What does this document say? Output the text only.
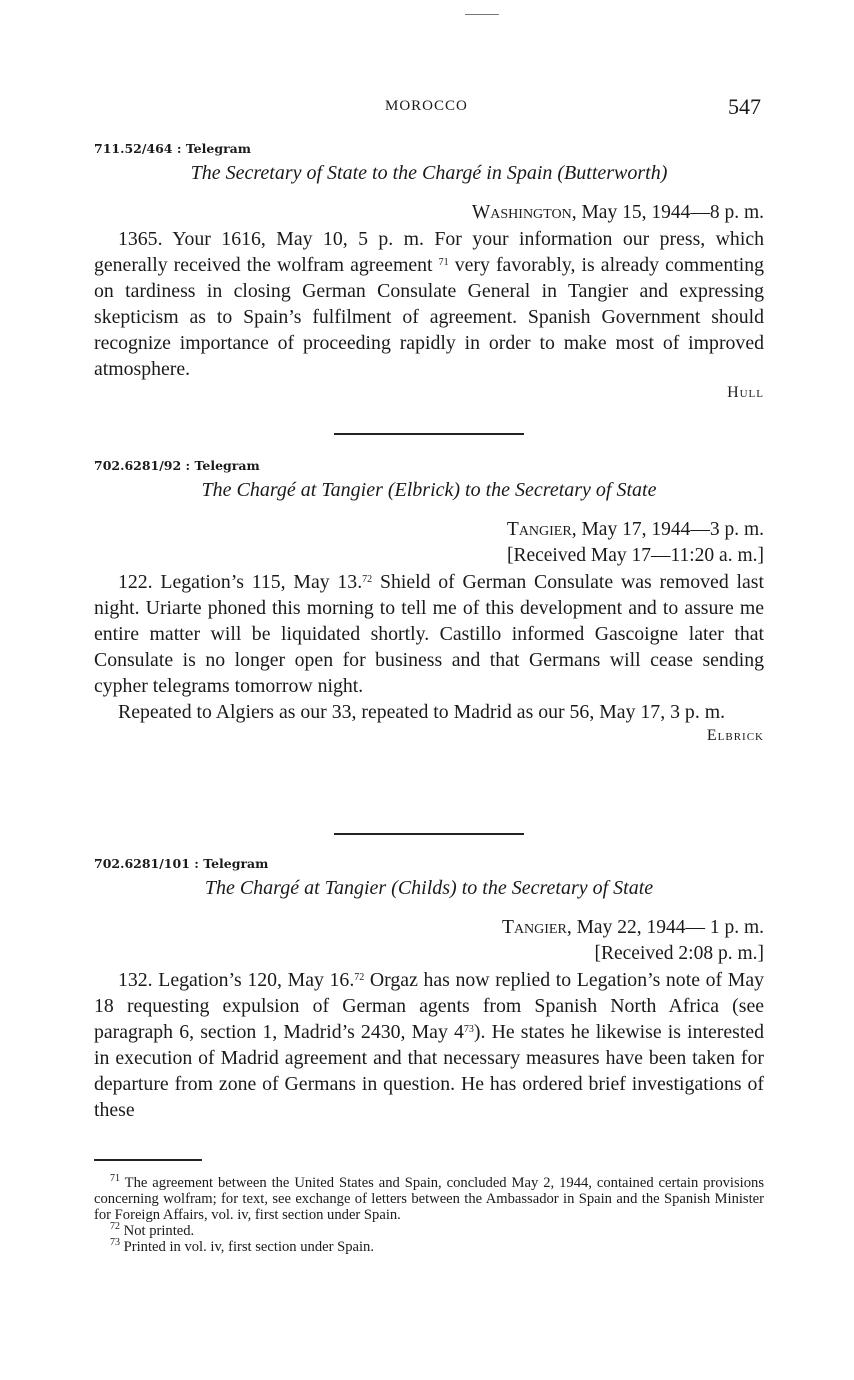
MOROCCO	547
711.52/464 : Telegram
The Secretary of State to the Chargé in Spain (Butterworth)
Washington, May 15, 1944—8 p. m.

1365. Your 1616, May 10, 5 p. m. For your information our press, which generally received the wolfram agreement $^{71}$ very favorably, is already commenting on tardiness in closing German Consulate General in Tangier and expressing skepticism as to Spain’s fulfilment of agreement. Spanish Government should recognize importance of proceeding rapidly in order to make most of improved atmosphere.

Hull
702.6281/92 : Telegram
The Chargé at Tangier (Elbrick) to the Secretary of State
Tangier, May 17, 1944—3 p. m.
[Received May 17—11:20 a. m.]

122. Legation’s 115, May 13.72 Shield of German Consulate was removed last night. Uriarte phoned this morning to tell me of this development and to assure me entire matter will be liquidated shortly. Castillo informed Gascoigne later that Consulate is no longer open for business and that Germans will cease sending cypher telegrams tomorrow night.

Repeated to Algiers as our 33, repeated to Madrid as our 56, May 17, 3 p. m.

Elbrick
702.6281/101 : Telegram
The Chargé at Tangier (Childs) to the Secretary of State
Tangier, May 22, 1944— 1 p. m.
[Received 2:08 p. m.]

132. Legation’s 120, May 16.72 Orgaz has now replied to Legation’s note of May 18 requesting expulsion of German agents from Spanish North Africa (see paragraph 6, section 1, Madrid’s 2430, May $4^{73}$). He states he likewise is interested in execution of Madrid agreement and that necessary measures have been taken for departure from zone of Germans in question. He has ordered brief investigations of these

$^{71}$ The agreement between the United States and Spain, concluded May 2, 1944, contained certain provisions concerning wolfram; for text, see exchange of letters between the Ambassador in Spain and the Spanish Minister for Foreign Affairs, vol. iv, first section under Spain.

$^{72}$ Not printed.

$^{73}$ Printed in vol. iv, first section under Spain.
